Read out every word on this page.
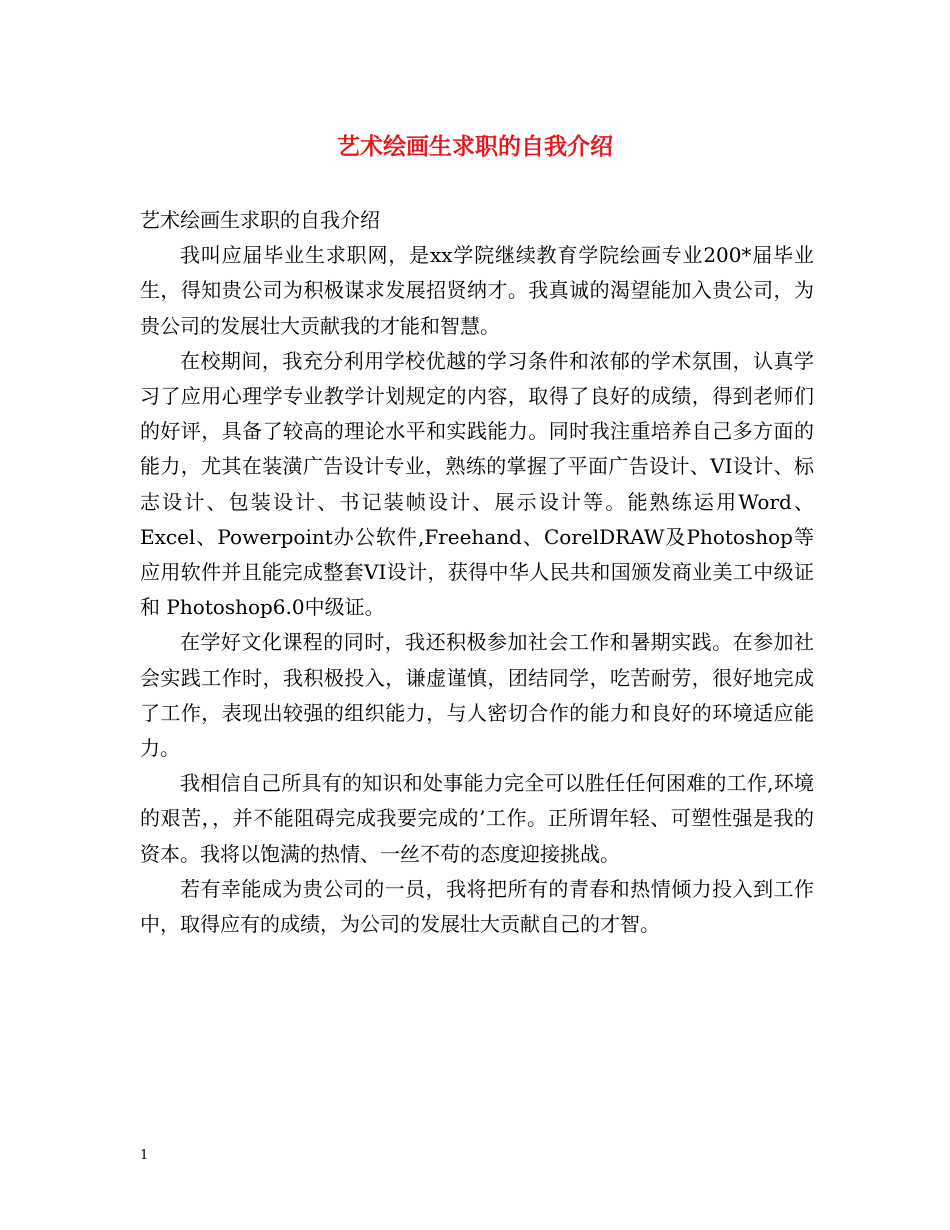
艺术绘画生求职的自我介绍

艺术绘画生求职的自我介绍

我叫应届毕业生求职网，是xx学院继续教育学院绘画专业200*届毕业生，得知贵公司为积极谋求发展招贤纳才。我真诚的渴望能加入贵公司，为贵公司的发展壮大贡献我的才能和智慧。

在校期间，我充分利用学校优越的学习条件和浓郁的学术氛围，认真学习了应用心理学专业教学计划规定的内容，取得了良好的成绩，得到老师们的好评，具备了较高的理论水平和实践能力。同时我注重培养自己多方面的能力，尤其在装潢广告设计专业，熟练的掌握了平面广告设计、VI设计、标志设计、包装设计、书记装帧设计、展示设计等。能熟练运用Word、Excel、Powerpoint办公软件,Freehand、CorelDRAW及Photoshop等应用软件并且能完成整套VI设计，获得中华人民共和国颁发商业美工中级证和 Photoshop6.0中级证。

在学好文化课程的同时，我还积极参加社会工作和暑期实践。在参加社会实践工作时，我积极投入，谦虚谨慎，团结同学，吃苦耐劳，很好地完成了工作，表现出较强的组织能力，与人密切合作的能力和良好的环境适应能力。

我相信自己所具有的知识和处事能力完全可以胜任任何困难的工作,环境的艰苦，，并不能阻碍完成我要完成的’工作。正所谓年轻、可塑性强是我的资本。我将以饱满的热情、一丝不苟的态度迎接挑战。

若有幸能成为贵公司的一员，我将把所有的青春和热情倾力投入到工作中，取得应有的成绩，为公司的发展壮大贡献自己的才智。

1
